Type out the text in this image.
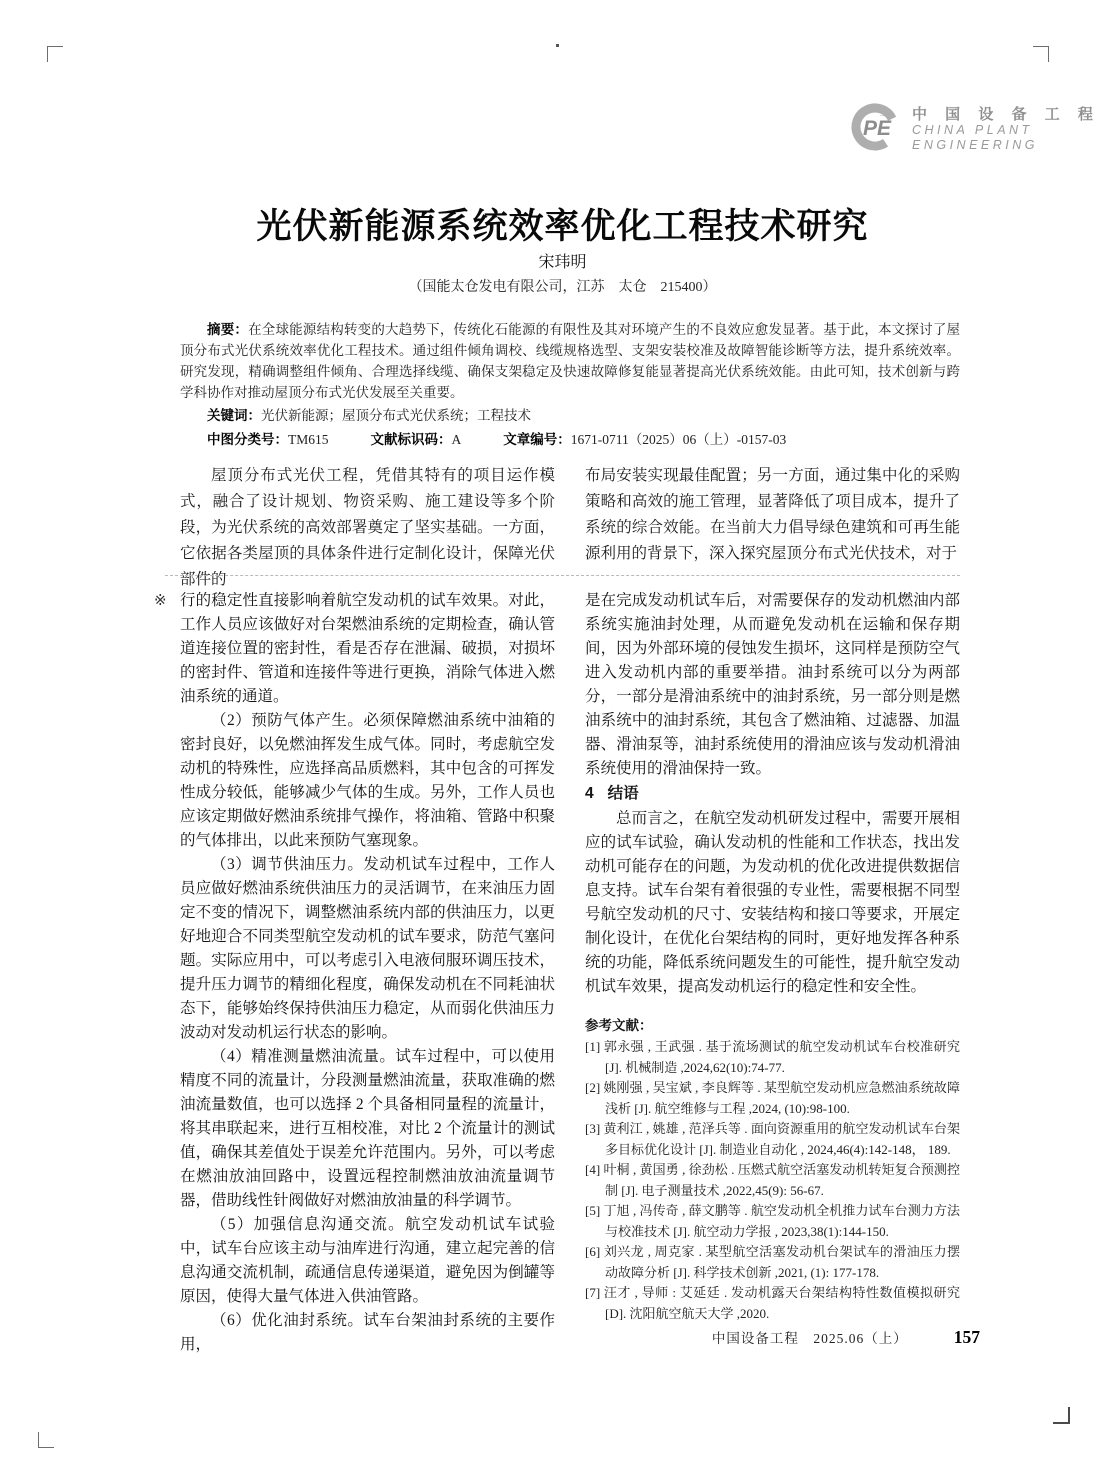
PE
... 中 国 设 备 工 程
CHINA PLANT
ENGINEERING
光伏新能源系统效率优化工程技术研究
宋玮明
（国能太仓发电有限公司，江苏　太仓　215400）

摘要：在全球能源结构转变的大趋势下，传统化石能源的有限性及其对环境产生的不良效应愈发显著。基于此，本文探讨了屋顶分布式光伏系统效率优化工程技术。通过组件倾角调校、线缆规格选型、支架安装校准及故障智能诊断等方法，提升系统效率。研究发现，精确调整组件倾角、合理选择线缆、确保支架稳定及快速故障修复能显著提高光伏系统效能。由此可知，技术创新与跨学科协作对推动屋顶分布式光伏发展至关重要。

关键词：光伏新能源；屋顶分布式光伏系统；工程技术

中图分类号：TM615	文献标识码：A	文章编号：1671-0711（2025）06（上）-0157-03

屋顶分布式光伏工程，凭借其特有的项目运作模式，融合了设计规划、物资采购、施工建设等多个阶段，为光伏系统的高效部署奠定了坚实基础。一方面，它依据各类屋顶的具体条件进行定制化设计，保障光伏部件的

布局安装实现最佳配置；另一方面，通过集中化的采购策略和高效的施工管理，显著降低了项目成本，提升了系统的综合效能。在当前大力倡导绿色建筑和可再生能源利用的背景下，深入探究屋顶分布式光伏技术，对于

※ 行的稳定性直接影响着航空发动机的试车效果。对此，工作人员应该做好对台架燃油系统的定期检查，确认管道连接位置的密封性，看是否存在泄漏、破损，对损坏的密封件、管道和连接件等进行更换，消除气体进入燃油系统的通道。

（2）预防气体产生。必须保障燃油系统中油箱的密封良好，以免燃油挥发生成气体。同时，考虑航空发动机的特殊性，应选择高品质燃料，其中包含的可挥发性成分较低，能够减少气体的生成。另外，工作人员也应该定期做好燃油系统排气操作，将油箱、管路中积聚的气体排出，以此来预防气塞现象。

（3）调节供油压力。发动机试车过程中，工作人员应做好燃油系统供油压力的灵活调节，在来油压力固定不变的情况下，调整燃油系统内部的供油压力，以更好地迎合不同类型航空发动机的试车要求，防范气塞问题。实际应用中，可以考虑引入电液伺服环调压技术，提升压力调节的精细化程度，确保发动机在不同耗油状态下，能够始终保持供油压力稳定，从而弱化供油压力波动对发动机运行状态的影响。

（4）精准测量燃油流量。试车过程中，可以使用精度不同的流量计，分段测量燃油流量，获取准确的燃油流量数值，也可以选择 2 个具备相同量程的流量计，将其串联起来，进行互相校准，对比 2 个流量计的测试值，确保其差值处于误差允许范围内。另外，可以考虑在燃油放油回路中，设置远程控制燃油放油流量调节器，借助线性针阀做好对燃油放油量的科学调节。

（5）加强信息沟通交流。航空发动机试车试验中，试车台应该主动与油库进行沟通，建立起完善的信息沟通交流机制，疏通信息传递渠道，避免因为倒罐等原因，使得大量气体进入供油管路。

（6）优化油封系统。试车台架油封系统的主要作用，

是在完成发动机试车后，对需要保存的发动机燃油内部系统实施油封处理，从而避免发动机在运输和保存期间，因为外部环境的侵蚀发生损坏，这同样是预防空气进入发动机内部的重要举措。油封系统可以分为两部分，一部分是滑油系统中的油封系统，另一部分则是燃油系统中的油封系统，其包含了燃油箱、过滤器、加温器、滑油泵等，油封系统使用的滑油应该与发动机滑油系统使用的滑油保持一致。

4 结语

总而言之，在航空发动机研发过程中，需要开展相应的试车试验，确认发动机的性能和工作状态，找出发动机可能存在的问题，为发动机的优化改进提供数据信息支持。试车台架有着很强的专业性，需要根据不同型号航空发动机的尺寸、安装结构和接口等要求，开展定制化设计，在优化台架结构的同时，更好地发挥各种系统的功能，降低系统问题发生的可能性，提升航空发动机试车效果，提高发动机运行的稳定性和安全性。

参考文献：

[1] 郭永强 , 王武强 . 基于流场测试的航空发动机试车台校准研究 [J]. 机械制造 ,2024,62(10):74-77.

[2] 姚刚强 , 吴宝斌 , 李良辉等 . 某型航空发动机应急燃油系统故障浅析 [J]. 航空维修与工程 ,2024, (10):98-100.

[3] 黄利江 , 姚雄 , 范泽兵等 . 面向资源重用的航空发动机试车台架多目标优化设计 [J]. 制造业自动化 , 2024,46(4):142-148， 189.

[4] 叶桐 , 黄国勇 , 徐劲松 . 压燃式航空活塞发动机转矩复合预测控制 [J]. 电子测量技术 ,2022,45(9): 56-67.

[5] 丁旭 , 冯传奇 , 薛文鹏等 . 航空发动机全机推力试车台测力方法与校准技术 [J]. 航空动力学报 , 2023,38(1):144-150.

[6] 刘兴龙 , 周克家 . 某型航空活塞发动机台架试车的滑油压力摆动故障分析 [J]. 科学技术创新 ,2021, (1): 177-178.

[7] 汪才 , 导师 : 艾延廷 . 发动机露天台架结构特性数值模拟研究 [D]. 沈阳航空航天大学 ,2020.

中国设备工程　2025.06（上）	157
